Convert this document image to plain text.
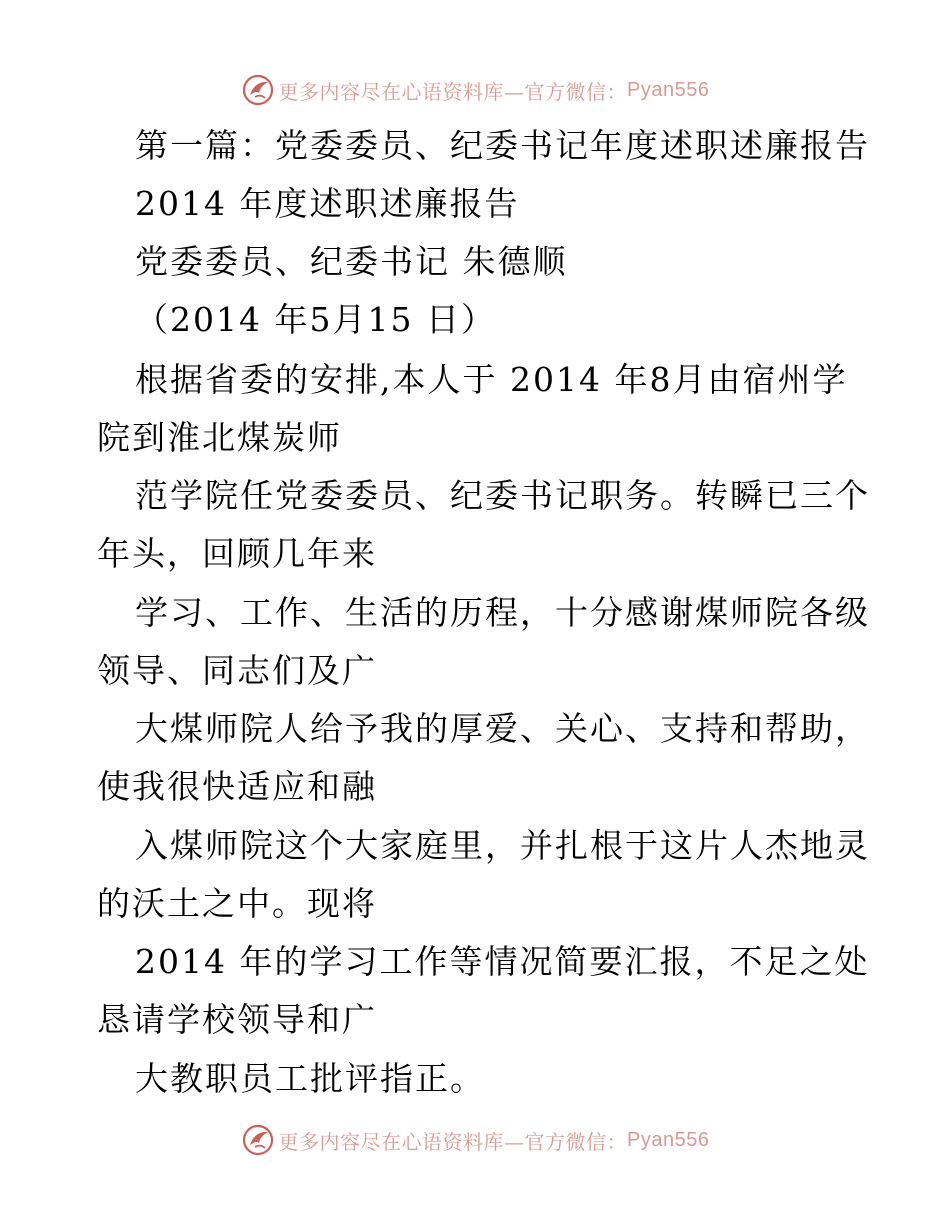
更多内容尽在心语资料库—官方微信： Pyan556
第一篇：党委委员、纪委书记年度述职述廉报告
2014 年度述职述廉报告
党委委员、纪委书记 朱德顺
（2014 年5月15 日）
根据省委的安排,本人于 2014 年8月由宿州学
院到淮北煤炭师
范学院任党委委员、纪委书记职务。转瞬已三个
年头，回顾几年来
学习、工作、生活的历程，十分感谢煤师院各级
领导、同志们及广
大煤师院人给予我的厚爱、关心、支持和帮助，
使我很快适应和融
入煤师院这个大家庭里，并扎根于这片人杰地灵
的沃土之中。现将
2014 年的学习工作等情况简要汇报，不足之处
恳请学校领导和广
大教职员工批评指正。
更多内容尽在心语资料库—官方微信： Pyan556
